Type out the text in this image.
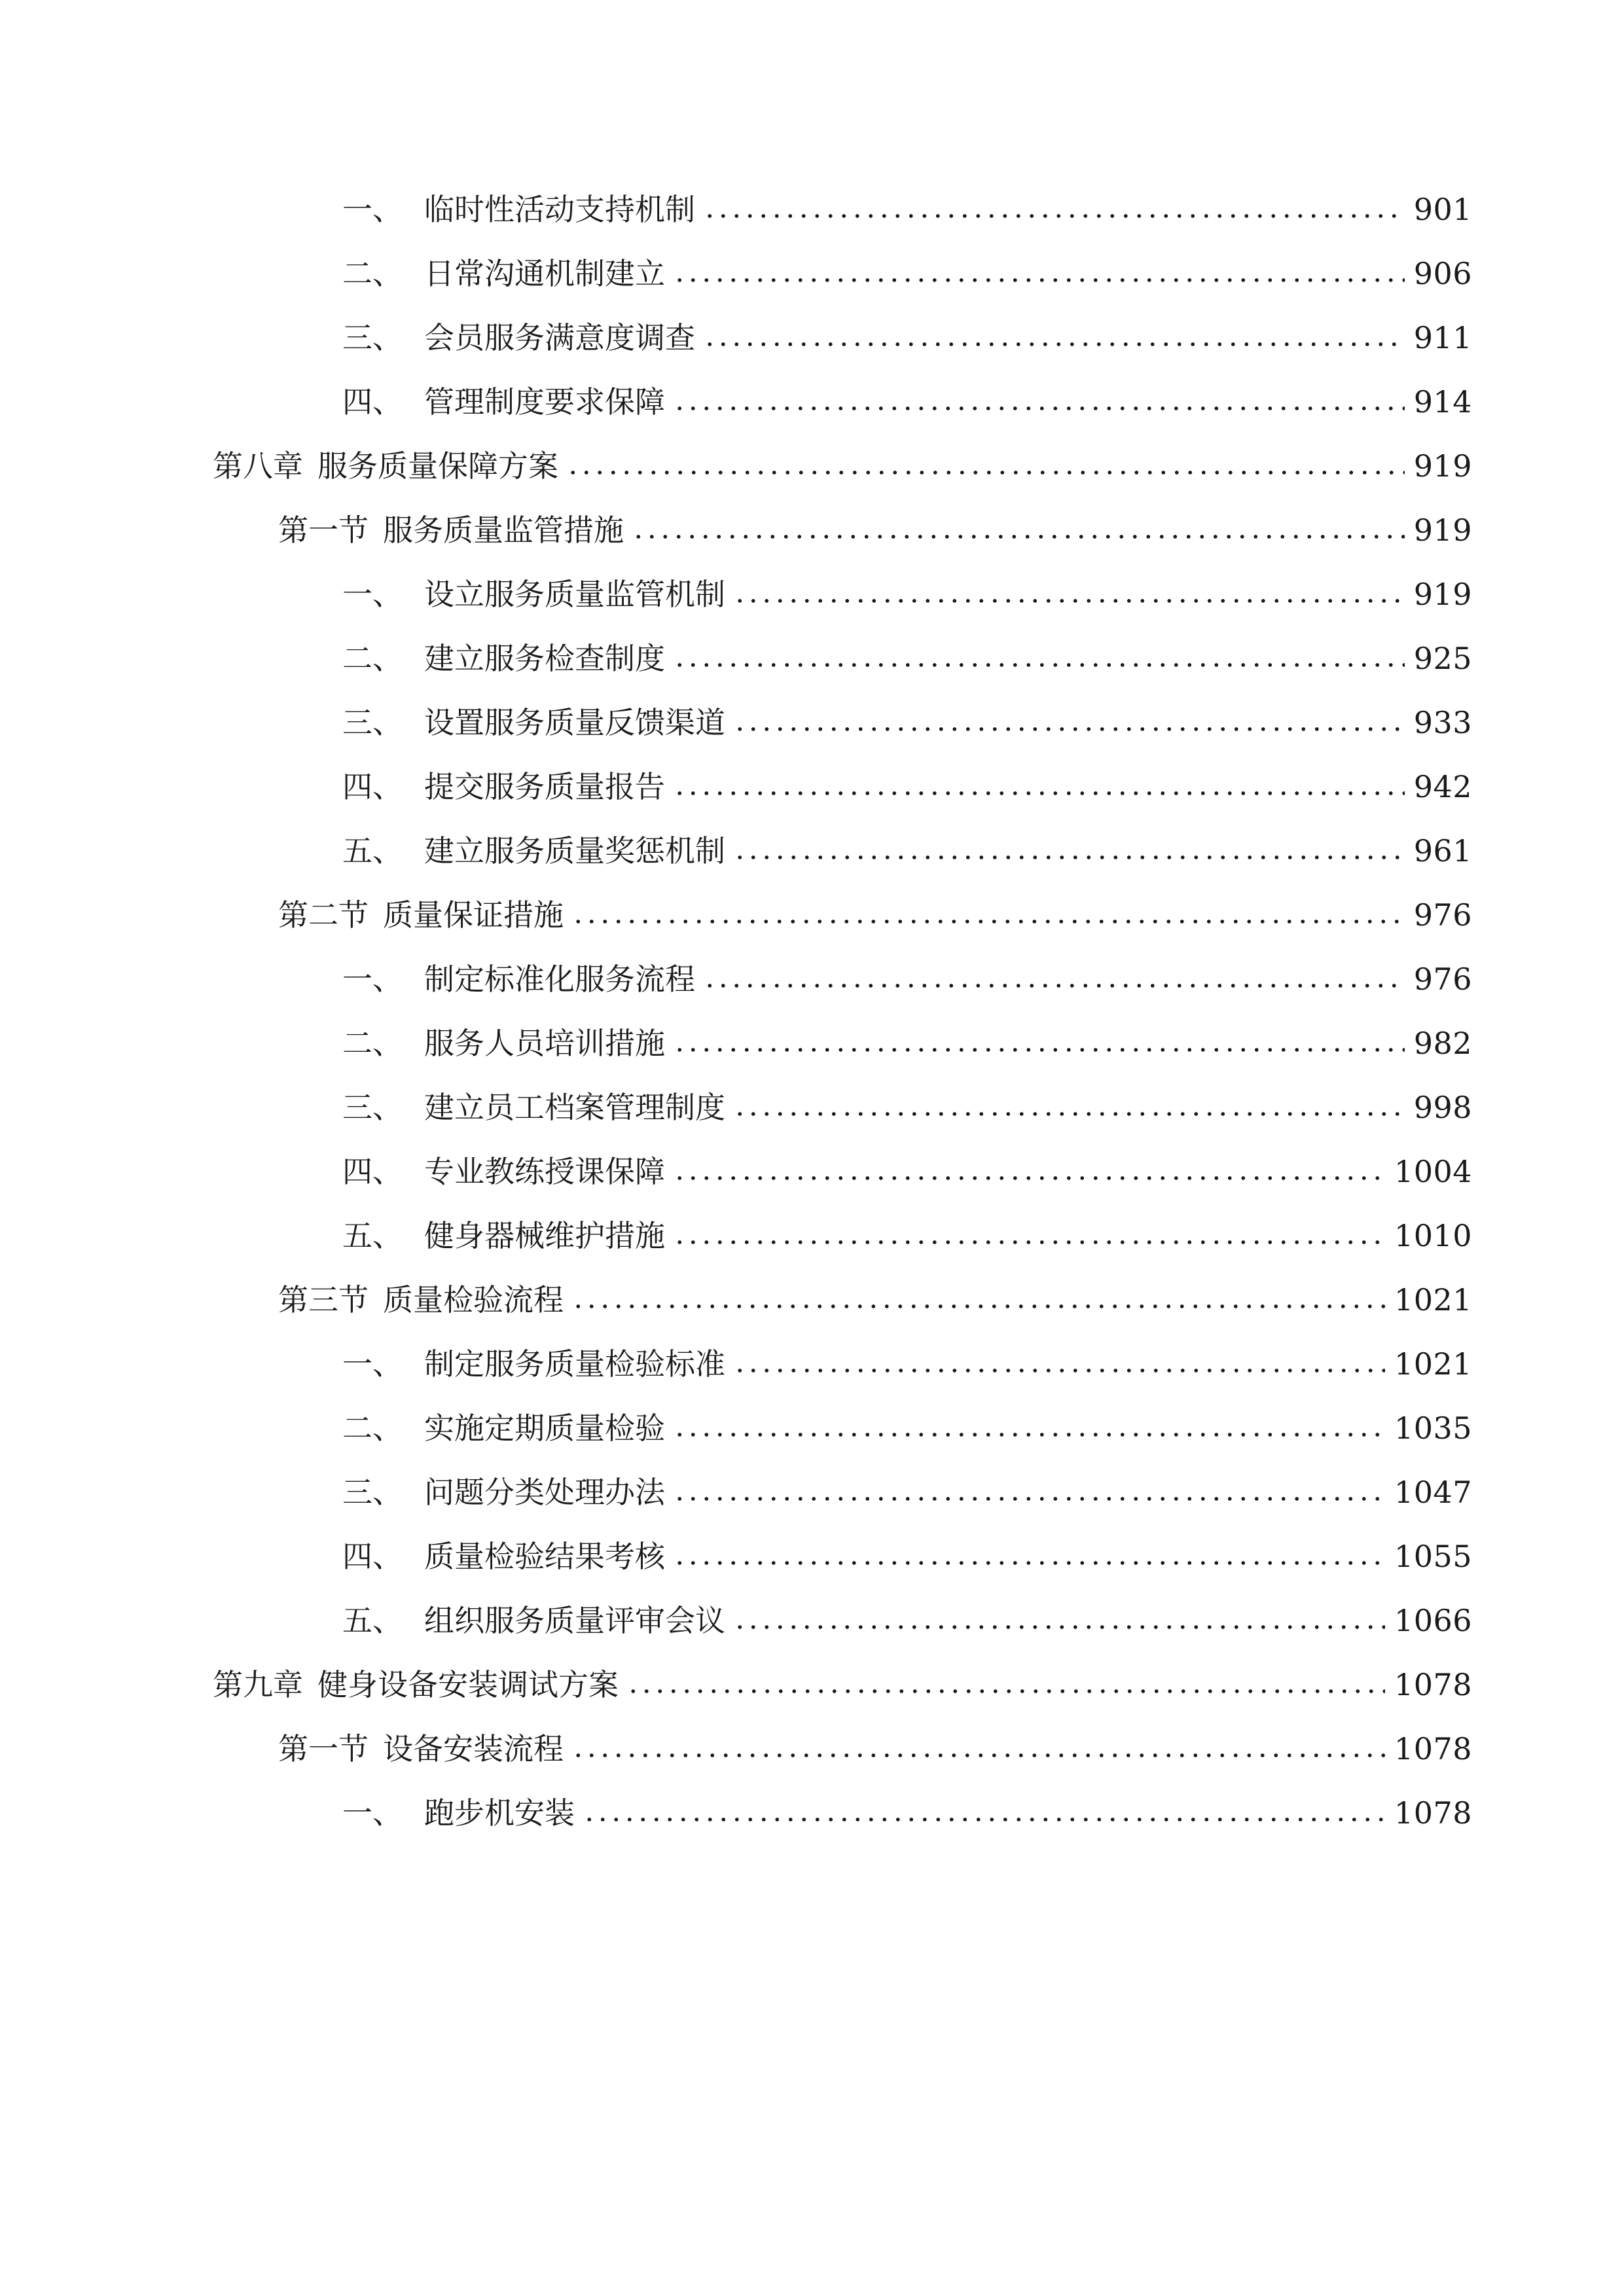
一、 临时性活动支持机制	901
二、 日常沟通机制建立	906
三、 会员服务满意度调查	911
四、 管理制度要求保障	914
第八章 服务质量保障方案	919
第一节 服务质量监管措施	919
一、 设立服务质量监管机制	919
二、 建立服务检查制度	925
三、 设置服务质量反馈渠道	933
四、 提交服务质量报告	942
五、 建立服务质量奖惩机制	961
第二节 质量保证措施	976
一、 制定标准化服务流程	976
二、 服务人员培训措施	982
三、 建立员工档案管理制度	998
四、 专业教练授课保障	1004
五、 健身器械维护措施	1010
第三节 质量检验流程	1021
一、 制定服务质量检验标准	1021
二、 实施定期质量检验	1035
三、 问题分类处理办法	1047
四、 质量检验结果考核	1055
五、 组织服务质量评审会议	1066
第九章 健身设备安装调试方案	1078
第一节 设备安装流程	1078
一、 跑步机安装	1078
